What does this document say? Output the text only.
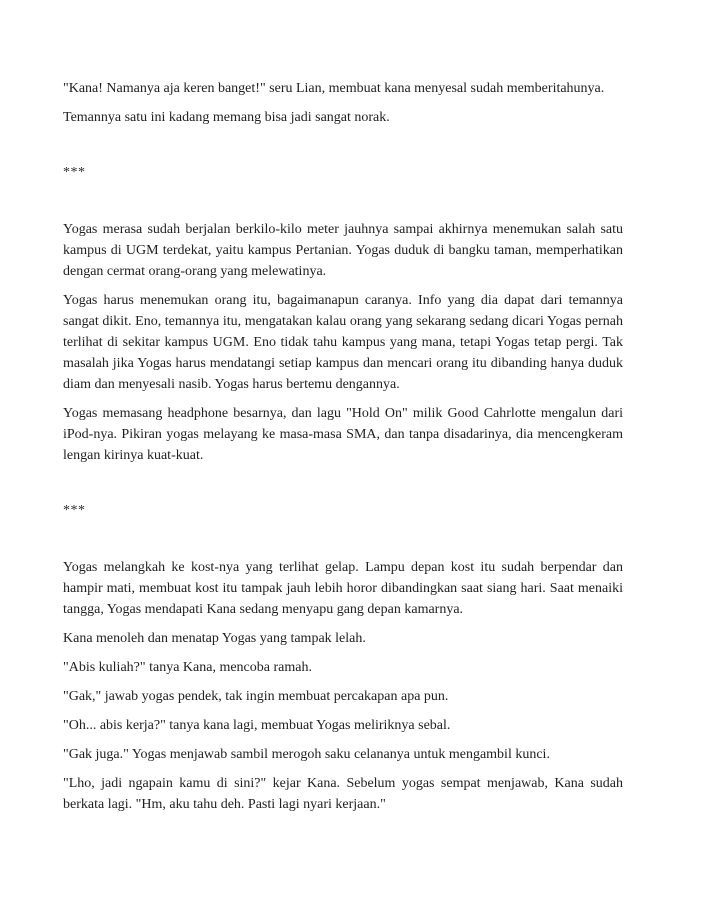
"Kana! Namanya aja keren banget!" seru Lian, membuat kana menyesal sudah memberitahunya.

Temannya satu ini kadang memang bisa jadi sangat norak.

***

Yogas merasa sudah berjalan berkilo-kilo meter jauhnya sampai akhirnya menemukan salah satu kampus di UGM terdekat, yaitu kampus Pertanian. Yogas duduk di bangku taman, memperhatikan dengan cermat orang-orang yang melewatinya.

Yogas harus menemukan orang itu, bagaimanapun caranya. Info yang dia dapat dari temannya sangat dikit. Eno, temannya itu, mengatakan kalau orang yang sekarang sedang dicari Yogas pernah terlihat di sekitar kampus UGM. Eno tidak tahu kampus yang mana, tetapi Yogas tetap pergi. Tak masalah jika Yogas harus mendatangi setiap kampus dan mencari orang itu dibanding hanya duduk diam dan menyesali nasib. Yogas harus bertemu dengannya.

Yogas memasang headphone besarnya, dan lagu "Hold On" milik Good Cahrlotte mengalun dari iPod-nya. Pikiran yogas melayang ke masa-masa SMA, dan tanpa disadarinya, dia mencengkeram lengan kirinya kuat-kuat.

***

Yogas melangkah ke kost-nya yang terlihat gelap. Lampu depan kost itu sudah berpendar dan hampir mati, membuat kost itu tampak jauh lebih horor dibandingkan saat siang hari. Saat menaiki tangga, Yogas mendapati Kana sedang menyapu gang depan kamarnya.

Kana menoleh dan menatap Yogas yang tampak lelah.

"Abis kuliah?" tanya Kana, mencoba ramah.

"Gak," jawab yogas pendek, tak ingin membuat percakapan apa pun.

"Oh... abis kerja?" tanya kana lagi, membuat Yogas meliriknya sebal.

"Gak juga." Yogas menjawab sambil merogoh saku celananya untuk mengambil kunci.

"Lho, jadi ngapain kamu di sini?" kejar Kana. Sebelum yogas sempat menjawab, Kana sudah berkata lagi. "Hm, aku tahu deh. Pasti lagi nyari kerjaan."
